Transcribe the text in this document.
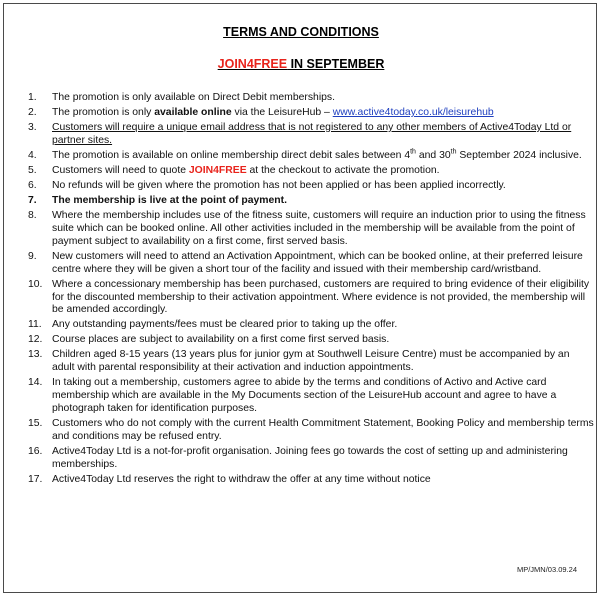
TERMS AND CONDITIONS
JOIN4FREE IN SEPTEMBER
1. The promotion is only available on Direct Debit memberships.
2. The promotion is only available online via the LeisureHub – www.active4today.co.uk/leisurehub
3. Customers will require a unique email address that is not registered to any other members of Active4Today Ltd or partner sites.
4. The promotion is available on online membership direct debit sales between 4th and 30th September 2024 inclusive.
5. Customers will need to quote JOIN4FREE at the checkout to activate the promotion.
6. No refunds will be given where the promotion has not been applied or has been applied incorrectly.
7. The membership is live at the point of payment.
8. Where the membership includes use of the fitness suite, customers will require an induction prior to using the fitness suite which can be booked online. All other activities included in the membership will be available from the point of payment subject to availability on a first come, first served basis.
9. New customers will need to attend an Activation Appointment, which can be booked online, at their preferred leisure centre where they will be given a short tour of the facility and issued with their membership card/wristband.
10. Where a concessionary membership has been purchased, customers are required to bring evidence of their eligibility for the discounted membership to their activation appointment. Where evidence is not provided, the membership will be amended accordingly.
11. Any outstanding payments/fees must be cleared prior to taking up the offer.
12. Course places are subject to availability on a first come first served basis.
13. Children aged 8-15 years (13 years plus for junior gym at Southwell Leisure Centre) must be accompanied by an adult with parental responsibility at their activation and induction appointments.
14. In taking out a membership, customers agree to abide by the terms and conditions of Activo and Active card membership which are available in the My Documents section of the LeisureHub account and agree to have a photograph taken for identification purposes.
15. Customers who do not comply with the current Health Commitment Statement, Booking Policy and membership terms and conditions may be refused entry.
16. Active4Today Ltd is a not-for-profit organisation. Joining fees go towards the cost of setting up and administering memberships.
17. Active4Today Ltd reserves the right to withdraw the offer at any time without notice
MP/JMN/03.09.24
